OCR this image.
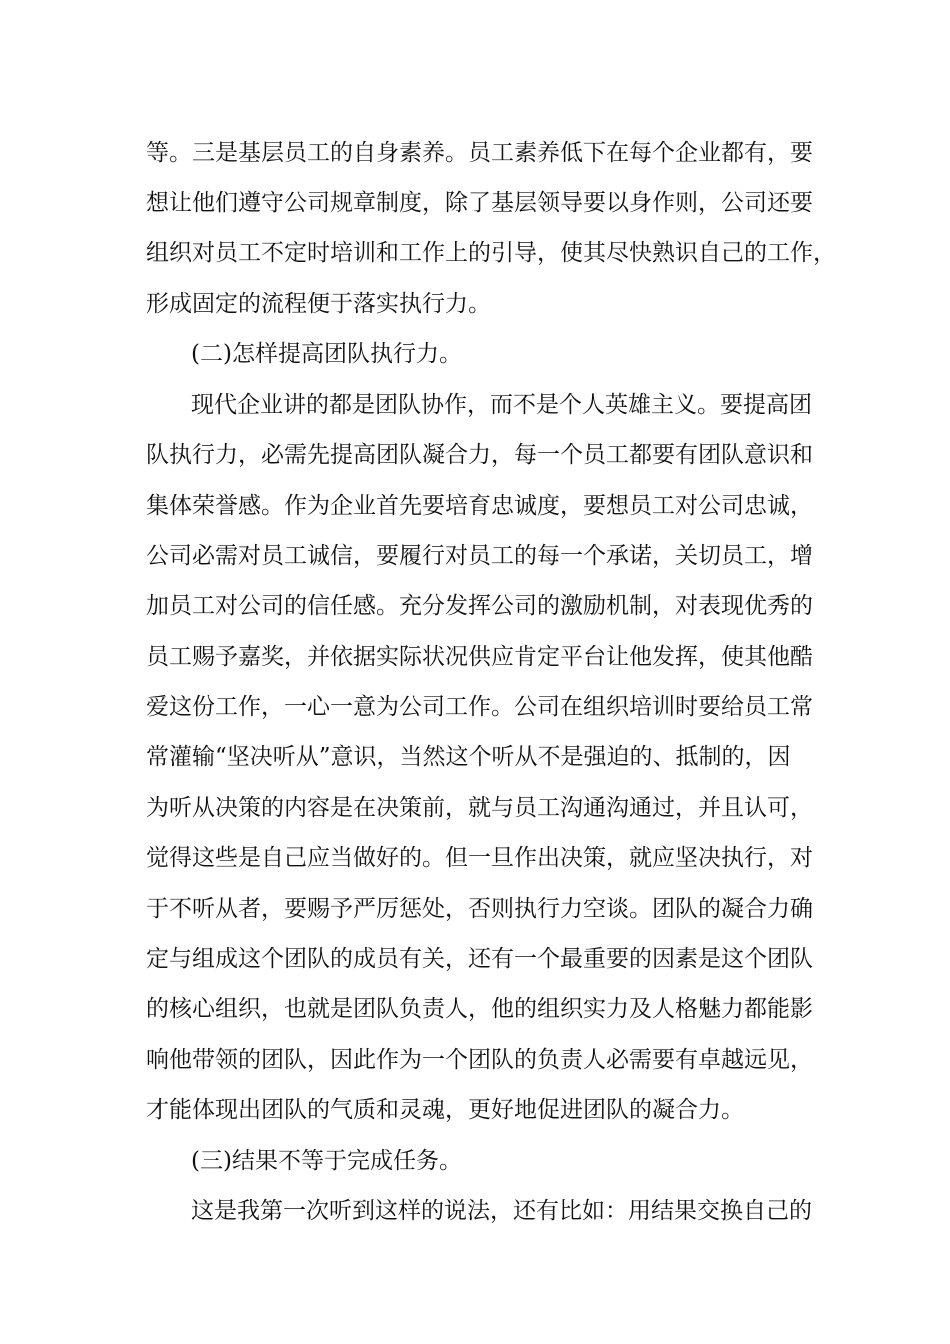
等。三是基层员工的自身素养。员工素养低下在每个企业都有，要
想让他们遵守公司规章制度，除了基层领导要以身作则，公司还要
组织对员工不定时培训和工作上的引导，使其尽快熟识自己的工作，
形成固定的流程便于落实执行力。
(二)怎样提高团队执行力。
现代企业讲的都是团队协作，而不是个人英雄主义。要提高团
队执行力，必需先提高团队凝合力，每一个员工都要有团队意识和
集体荣誉感。作为企业首先要培育忠诚度，要想员工对公司忠诚，
公司必需对员工诚信，要履行对员工的每一个承诺，关切员工，增
加员工对公司的信任感。充分发挥公司的激励机制，对表现优秀的
员工赐予嘉奖，并依据实际状况供应肯定平台让他发挥，使其他酷
爱这份工作，一心一意为公司工作。公司在组织培训时要给员工常
常灌输“坚决听从”意识，当然这个听从不是强迫的、抵制的，因
为听从决策的内容是在决策前，就与员工沟通沟通过，并且认可，
觉得这些是自己应当做好的。但一旦作出决策，就应坚决执行，对
于不听从者，要赐予严厉惩处，否则执行力空谈。团队的凝合力确
定与组成这个团队的成员有关，还有一个最重要的因素是这个团队
的核心组织，也就是团队负责人，他的组织实力及人格魅力都能影
响他带领的团队，因此作为一个团队的负责人必需要有卓越远见，
才能体现出团队的气质和灵魂，更好地促进团队的凝合力。
(三)结果不等于完成任务。
这是我第一次听到这样的说法，还有比如：用结果交换自己的
